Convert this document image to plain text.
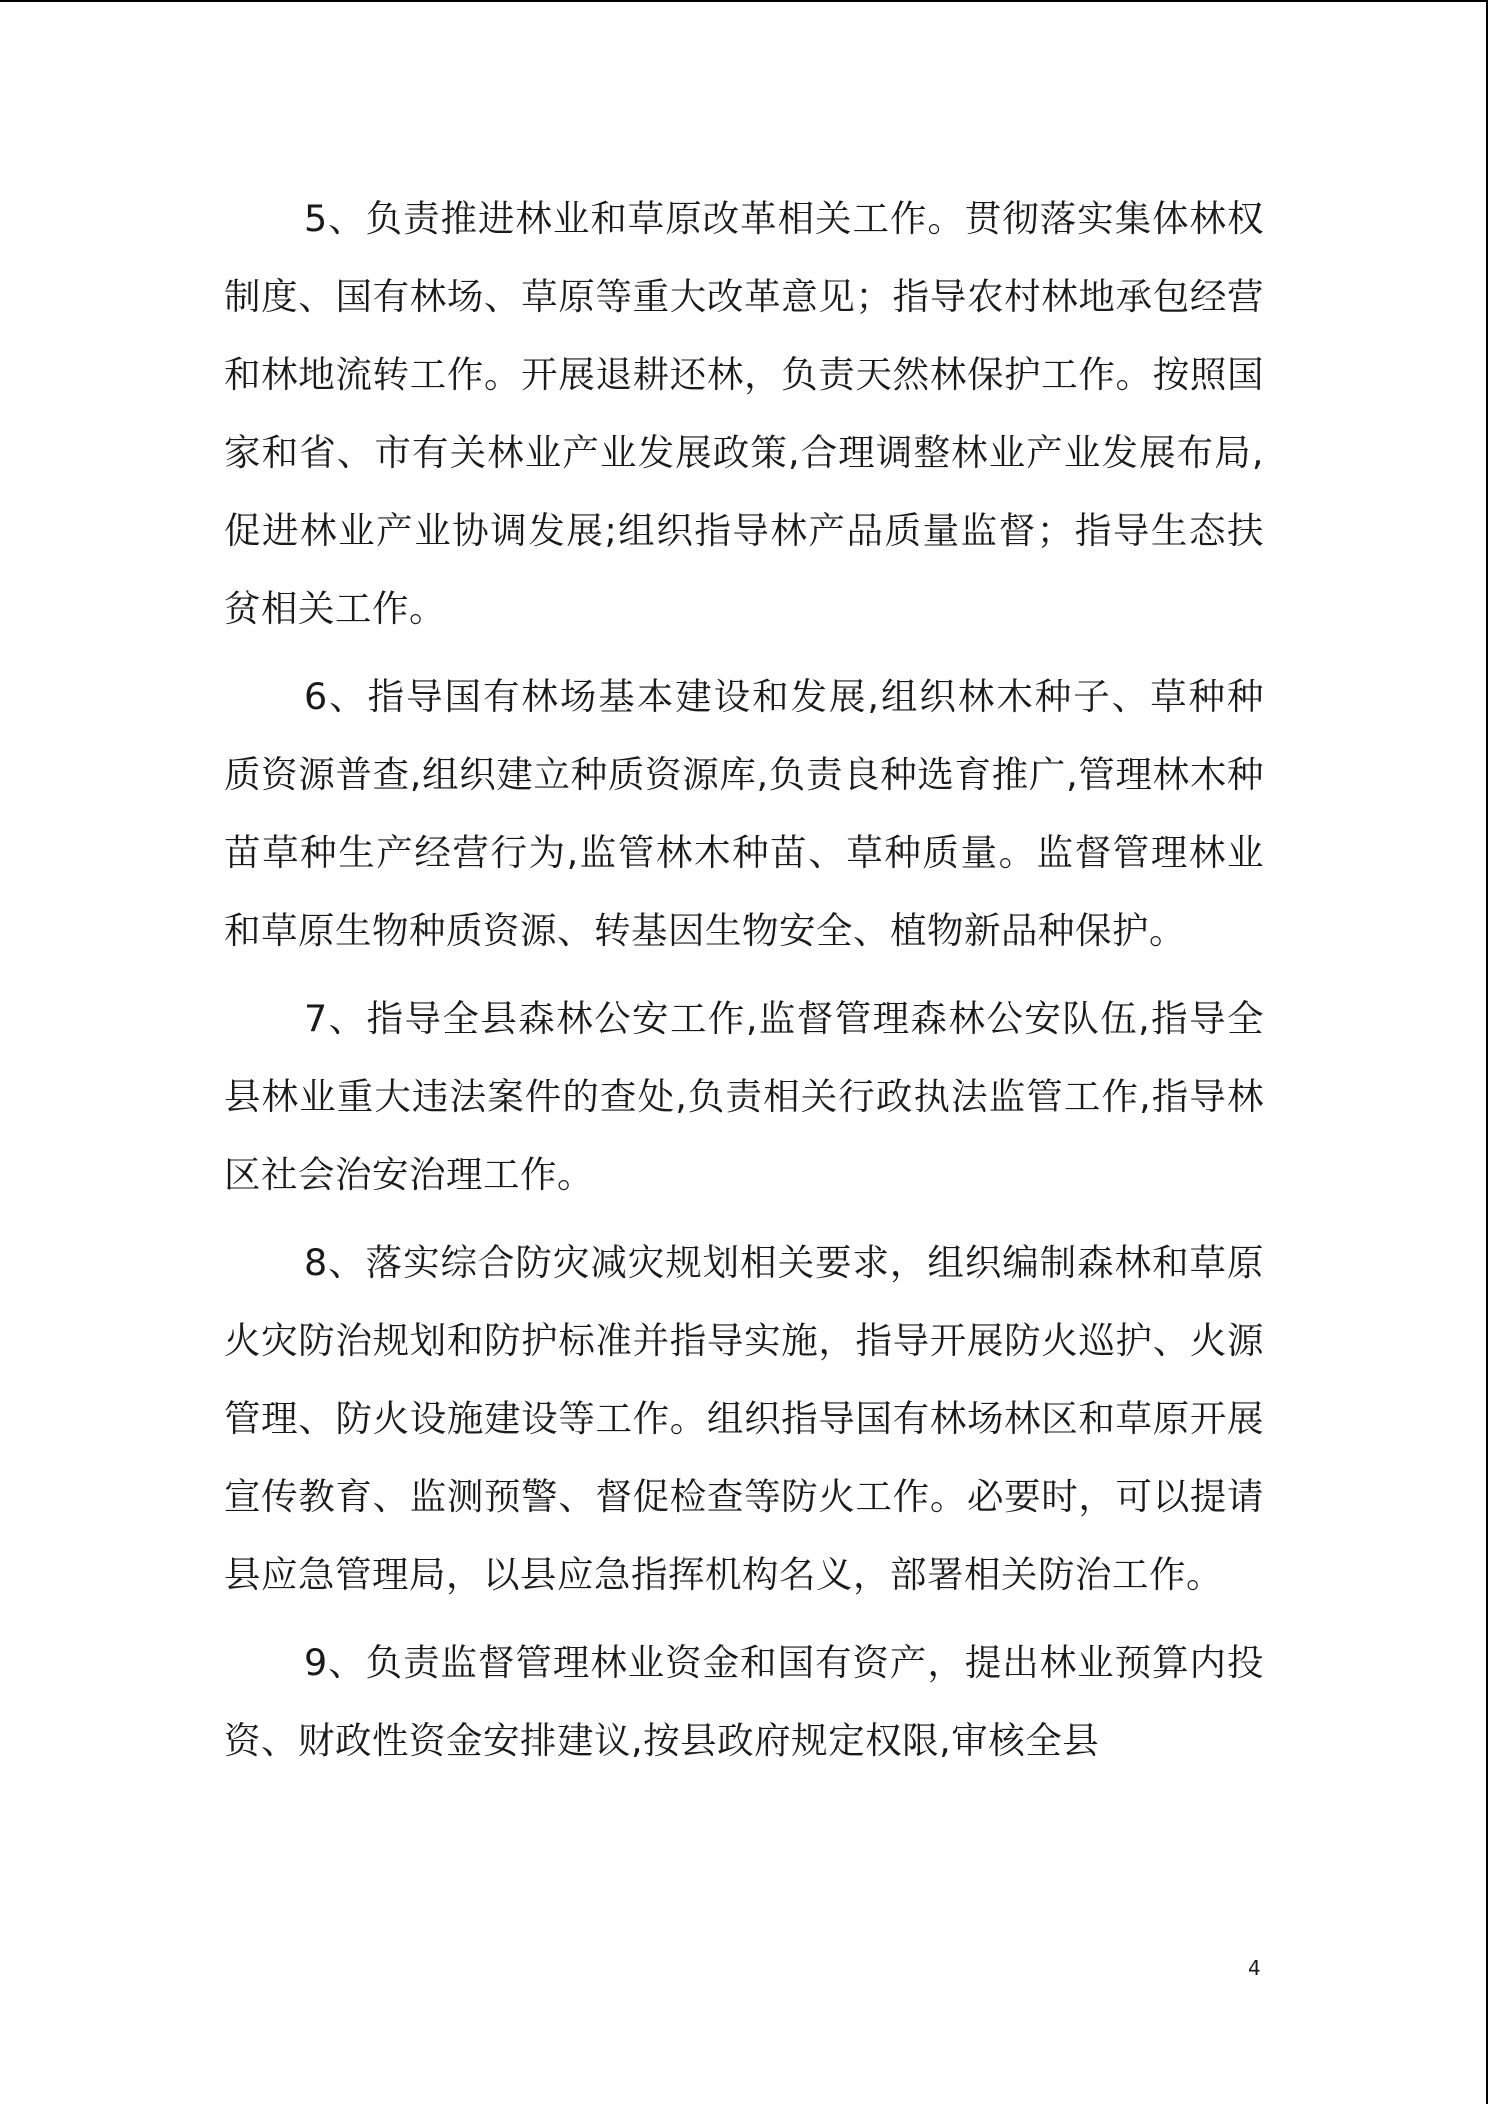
5、负责推进林业和草原改革相关工作。贯彻落实集体林权制度、国有林场、草原等重大改革意见；指导农村林地承包经营和林地流转工作。开展退耕还林，负责天然林保护工作。按照国家和省、市有关林业产业发展政策,合理调整林业产业发展布局,促进林业产业协调发展;组织指导林产品质量监督；指导生态扶贫相关工作。

6、指导国有林场基本建设和发展,组织林木种子、草种种质资源普查,组织建立种质资源库,负责良种选育推广,管理林木种苗草种生产经营行为,监管林木种苗、草种质量。监督管理林业和草原生物种质资源、转基因生物安全、植物新品种保护。

7、指导全县森林公安工作,监督管理森林公安队伍,指导全县林业重大违法案件的查处,负责相关行政执法监管工作,指导林区社会治安治理工作。

8、落实综合防灾减灾规划相关要求，组织编制森林和草原火灾防治规划和防护标准并指导实施，指导开展防火巡护、火源管理、防火设施建设等工作。组织指导国有林场林区和草原开展宣传教育、监测预警、督促检查等防火工作。必要时，可以提请县应急管理局，以县应急指挥机构名义，部署相关防治工作。

9、负责监督管理林业资金和国有资产，提出林业预算内投资、财政性资金安排建议,按县政府规定权限,审核全县

4
